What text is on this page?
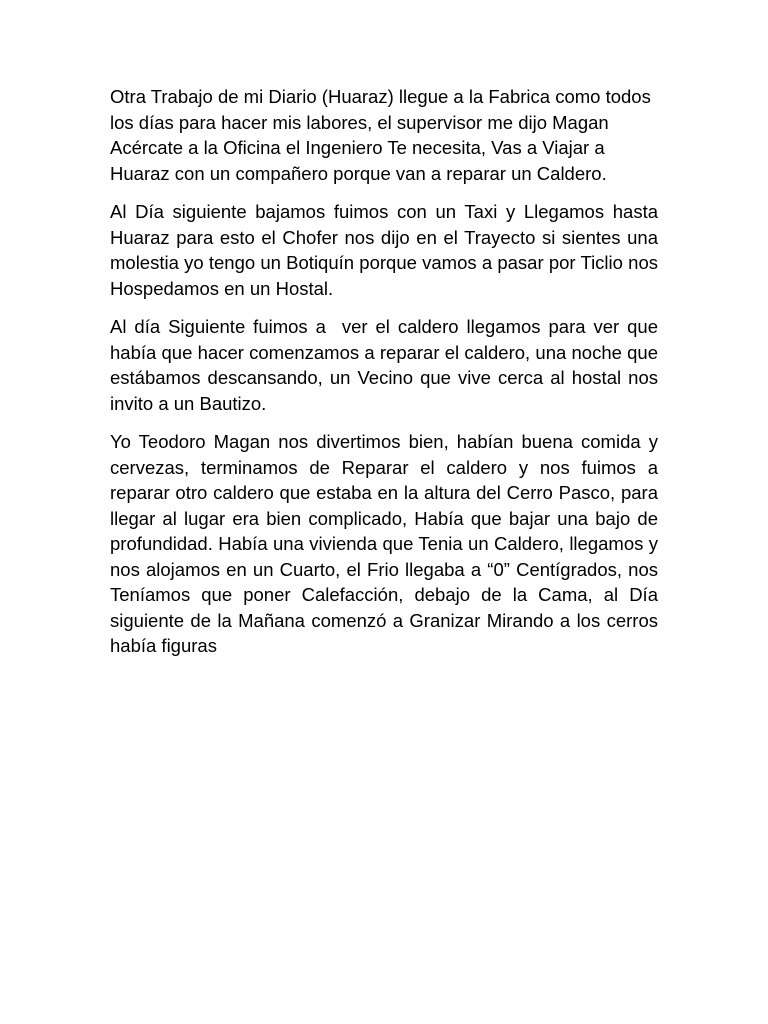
Otra Trabajo de mi Diario (Huaraz) llegue a la Fabrica como todos los días para hacer mis labores, el supervisor me dijo Magan Acércate a la Oficina el Ingeniero Te necesita, Vas a Viajar a Huaraz con un compañero porque van a reparar un Caldero.

Al Día siguiente bajamos fuimos con un Taxi y Llegamos hasta Huaraz para esto el Chofer nos dijo en el Trayecto si sientes una molestia yo tengo un Botiquín porque vamos a pasar por Ticlio nos Hospedamos en un Hostal.

Al día Siguiente fuimos a  ver el caldero llegamos para ver que había que hacer comenzamos a reparar el caldero, una noche que estábamos descansando, un Vecino que vive cerca al hostal nos invito a un Bautizo.

Yo Teodoro Magan nos divertimos bien, habían buena comida y cervezas, terminamos de Reparar el caldero y nos fuimos a reparar otro caldero que estaba en la altura del Cerro Pasco, para llegar al lugar era bien complicado, Había que bajar una bajo de profundidad. Había una vivienda que Tenia un Caldero, llegamos y nos alojamos en un Cuarto, el Frio llegaba a “0” Centígrados, nos Teníamos que poner Calefacción, debajo de la Cama, al Día siguiente de la Mañana comenzó a Granizar Mirando a los cerros había figuras
